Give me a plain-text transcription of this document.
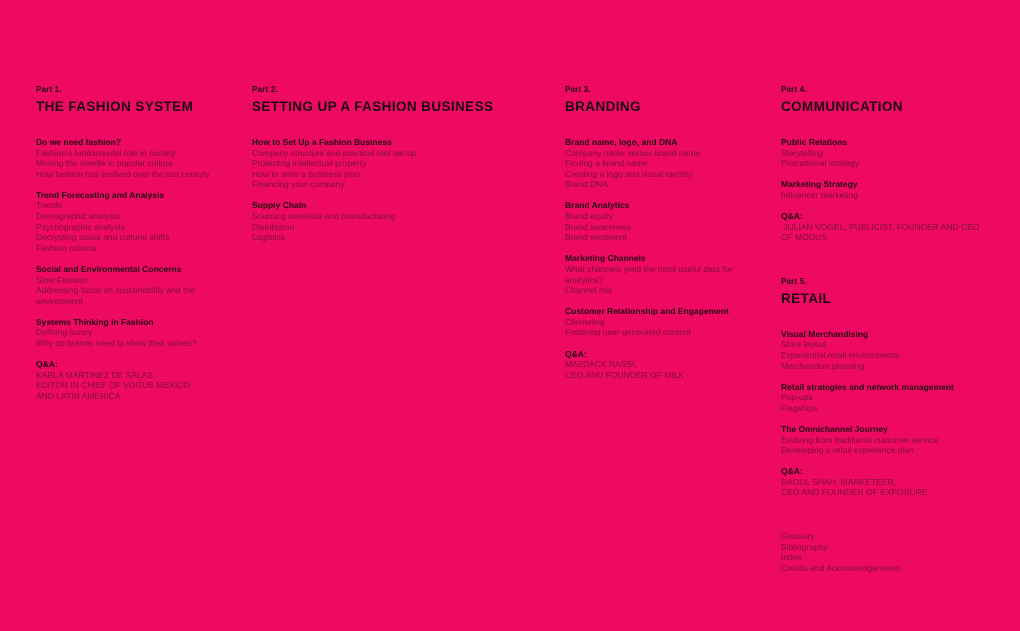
Part 1.
THE FASHION SYSTEM
Do we need fashion?
Fashion's fundamental role in society
Moving the needle in popular culture
How fashion has evolved over the last century
Trend Forecasting and Analysis
Trends
Demographic analysis
Psychographic analysis
Decrypting social and cultural shifts
Fashion cohorts
Social and Environmental Concerns
Slow Fashion
Addressing focus on sustainability and the environment
Systems Thinking in Fashion
Defining luxury
Why do brands need to show their values?
Q&A:
KARLA MARTINEZ DE SALAS,
EDITOR IN CHIEF OF VOGUE MEXICO
AND LATIN AMERICA
Part 2.
SETTING UP A FASHION BUSINESS
How to Set Up a Fashion Business
Company structure and practical tool set-up
Protecting intellectual property
How to write a business plan
Financing your company
Supply Chain
Sourcing materials and manufacturing
Distribution
Logistics
Part 3.
BRANDING
Brand name, logo, and DNA
Company name versus brand name
Finding a brand name
Creating a logo and visual identity
Brand DNA
Brand Analytics
Brand equity
Brand awareness
Brand sentiment
Marketing Channels
What channels yield the most useful data for analytics?
Channel mix
Customer Relationship and Engagement
Clienteling
Fostering user-generated content
Q&A:
MAZDACK RASSI,
CEO AND FOUNDER OF MILK
Part 4.
COMMUNICATION
Public Relations
Storytelling
Promotional strategy
Marketing Strategy
Influencer marketing
Q&A:
JULIAN VOGEL, PUBLICIST, FOUNDER AND CEO
OF MODUS
Part 5.
RETAIL
Visual Merchandising
Store layout
Experiential retail environments
Merchandise planning
Retail strategies and network management
Pop-ups
Flagships
The Omnichannel Journey
Evolving from traditional customer service
Developing a retail experience plan
Q&A:
RAOUL SHAH, MARKETEER,
CEO AND FOUNDER OF EXPOSURE
Glossary
Bibliography
Index
Credits and Acknowledgements
